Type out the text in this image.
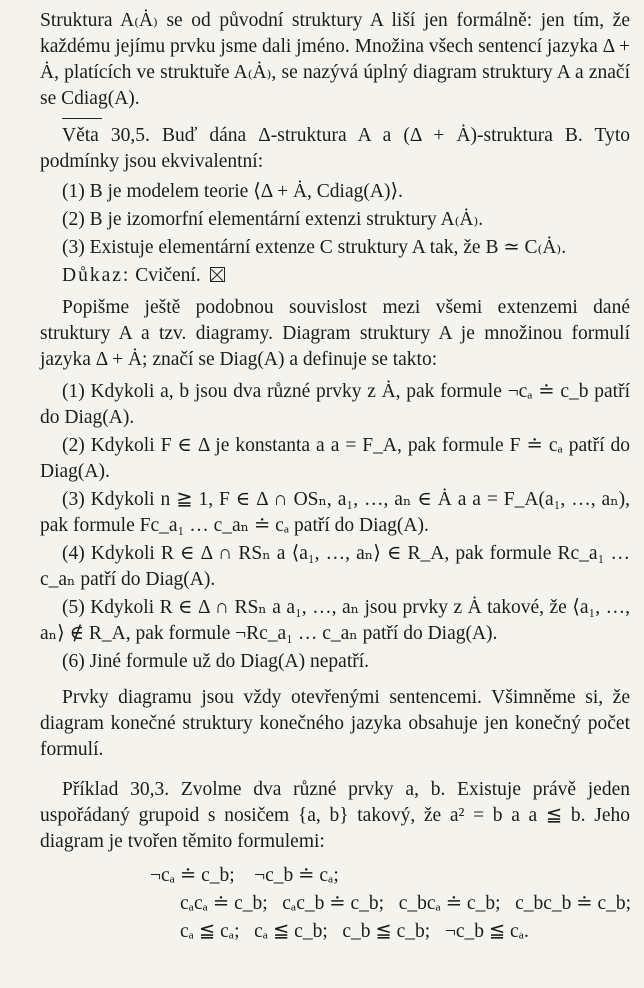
Struktura A₍Ȧ₎ se od původní struktury A liší jen formálně: jen tím, že každému jejímu prvku jsme dali jméno. Množina všech sentencí jazyka Δ + Ȧ, platících ve struktuře A₍Ȧ₎, se nazývá úplný diagram struktury A a značí se Cdiag(A).

Věta 30,5. Buď dána Δ-struktura A a (Δ + Ȧ)-struktura B. Tyto podmínky jsou ekvivalentní:

(1) B je modelem teorie ⟨Δ + Ȧ, Cdiag(A)⟩.

(2) B je izomorfní elementární extenzi struktury A₍Ȧ₎.

(3) Existuje elementární extenze C struktury A tak, že B ≃ C₍Ȧ₎.

Důkaz: Cvičení.

Popišme ještě podobnou souvislost mezi všemi extenzemi dané struktury A a tzv. diagramy. Diagram struktury A je množinou formulí jazyka Δ + Ȧ; značí se Diag(A) a definuje se takto:

(1) Kdykoli a, b jsou dva různé prvky z Ȧ, pak formule ¬cₐ ≐ c_b patří do Diag(A).

(2) Kdykoli F ∈ Δ je konstanta a a = F_A, pak formule F ≐ cₐ patří do Diag(A).

(3) Kdykoli n ≧ 1, F ∈ Δ ∩ OSₙ, a₁, …, aₙ ∈ Ȧ a a = F_A(a₁, …, aₙ), pak formule Fc_a₁ … c_aₙ ≐ cₐ patří do Diag(A).

(4) Kdykoli R ∈ Δ ∩ RSₙ a ⟨a₁, …, aₙ⟩ ∈ R_A, pak formule Rc_a₁ … c_aₙ patří do Diag(A).

(5) Kdykoli R ∈ Δ ∩ RSₙ a a₁, …, aₙ jsou prvky z Ȧ takové, že ⟨a₁, …, aₙ⟩ ∉ R_A, pak formule ¬Rc_a₁ … c_aₙ patří do Diag(A).

(6) Jiné formule už do Diag(A) nepatří.

Prvky diagramu jsou vždy otevřenými sentencemi. Všimněme si, že diagram konečné struktury konečného jazyka obsahuje jen konečný počet formulí.

Příklad 30,3. Zvolme dva různé prvky a, b. Existuje právě jeden uspořádaný grupoid s nosičem {a, b} takový, že a² = b a a ≦ b. Jeho diagram je tvořen těmito formulemi:

¬cₐ ≐ c_b;    ¬c_b ≐ cₐ;
cₐcₐ ≐ c_b;   cₐc_b ≐ c_b;   c_bcₐ ≐ c_b;   c_bc_b ≐ c_b;
cₐ ≦ cₐ;   cₐ ≦ c_b;   c_b ≦ c_b;   ¬c_b ≦ cₐ.
